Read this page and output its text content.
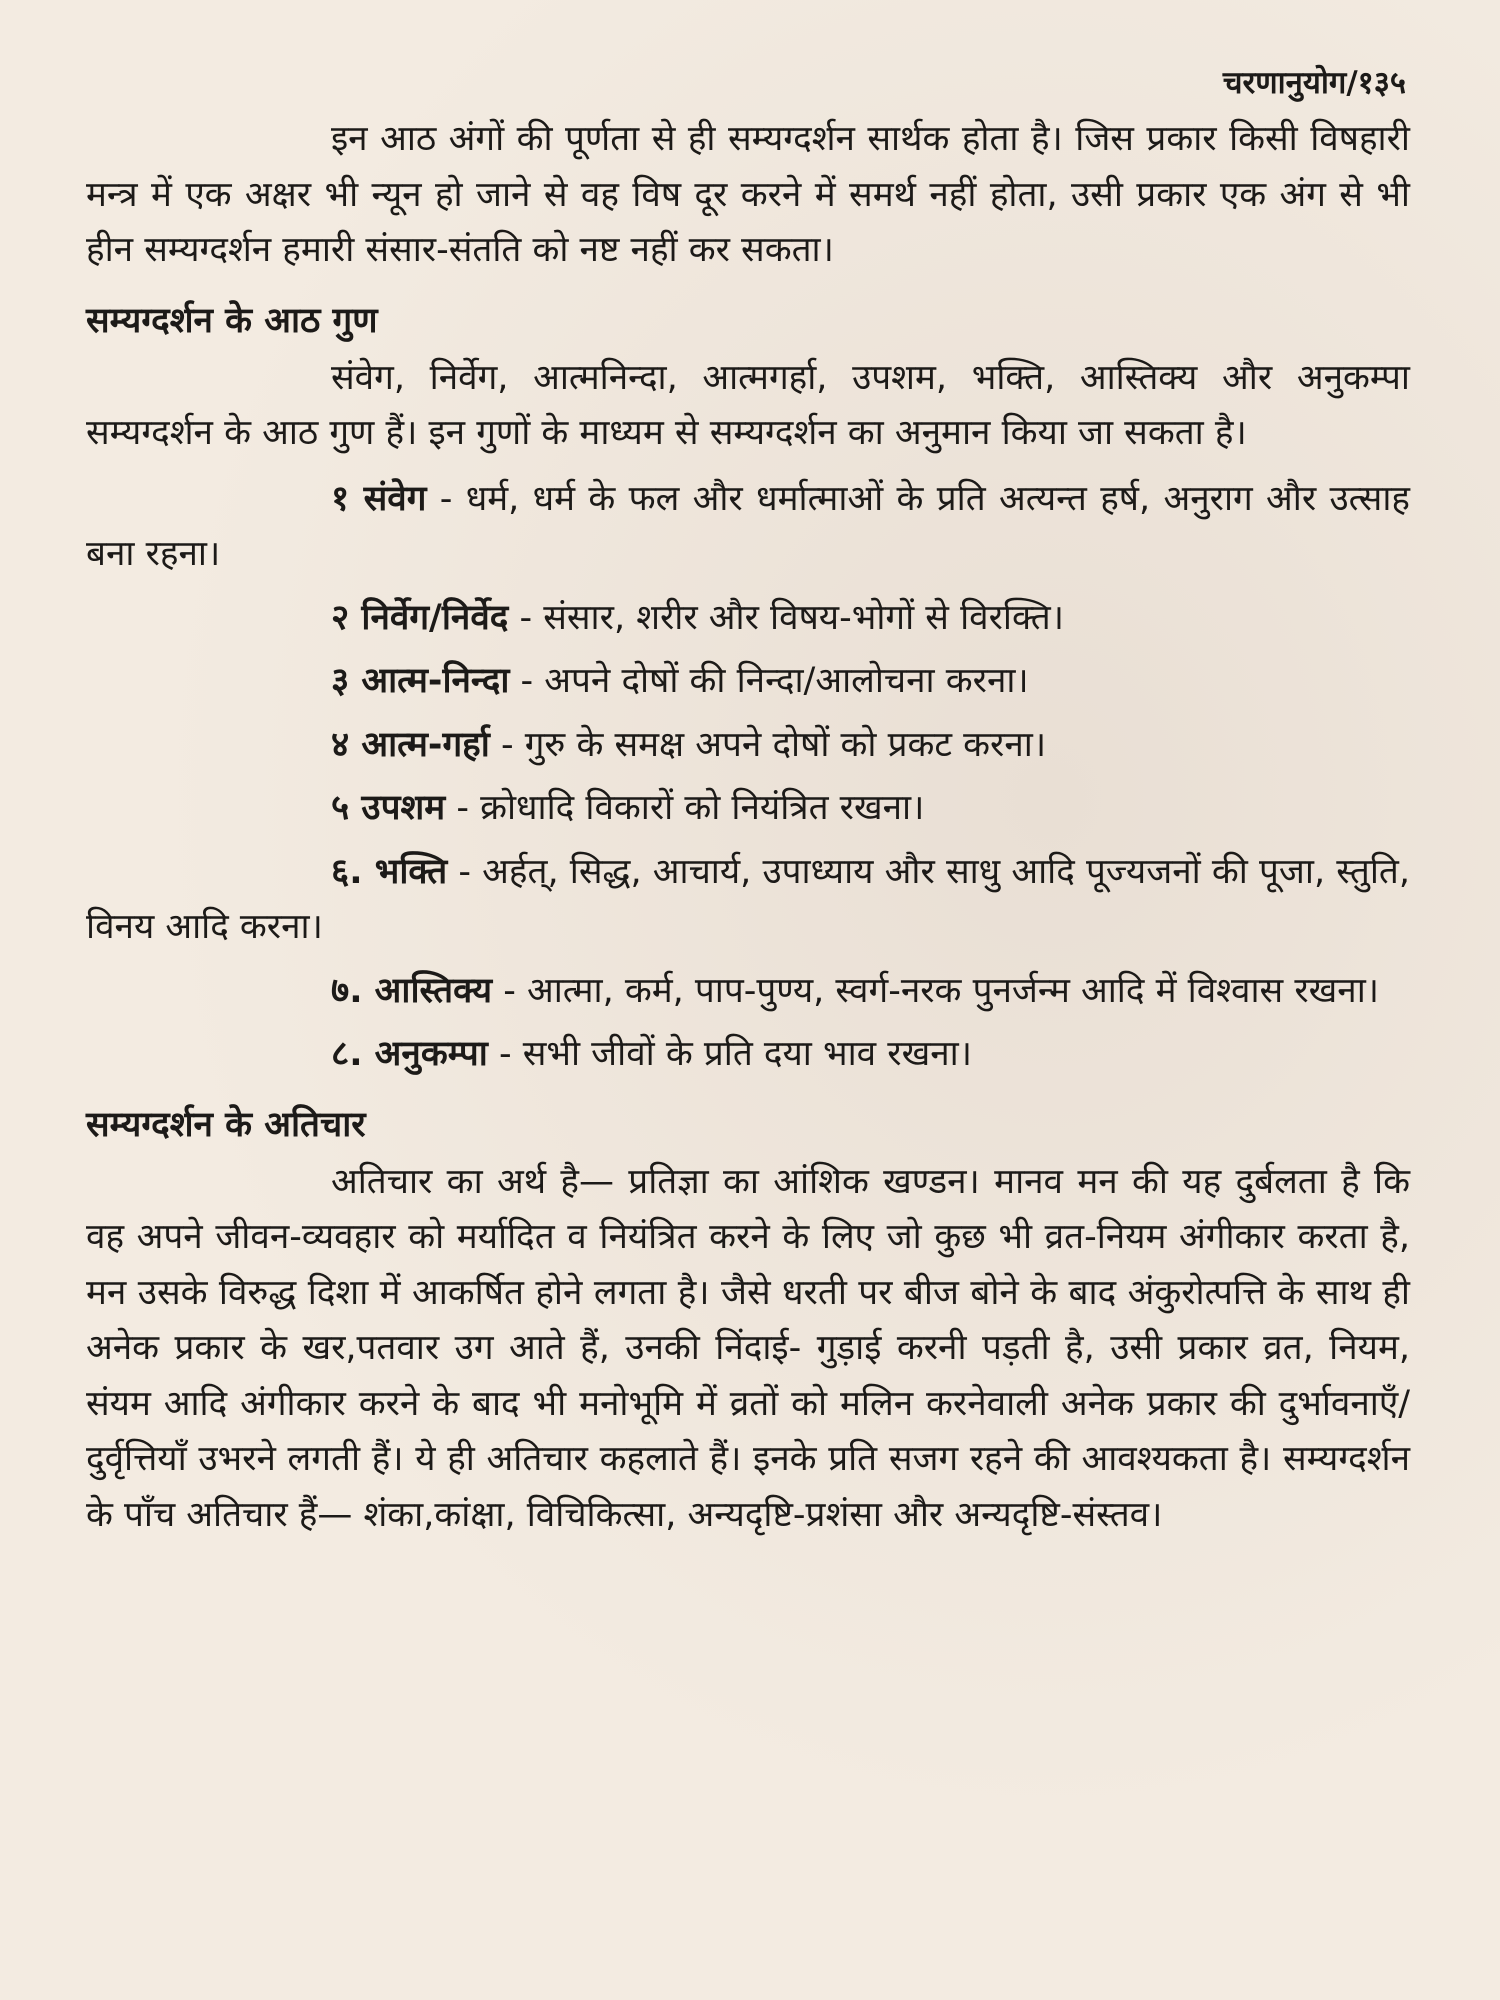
चरणानुयोग/१३५

इन आठ अंगों की पूर्णता से ही सम्यग्दर्शन सार्थक होता है। जिस प्रकार किसी विषहारी मन्त्र में एक अक्षर भी न्यून हो जाने से वह विष दूर करने में समर्थ नहीं होता, उसी प्रकार एक अंग से भी हीन सम्यग्दर्शन हमारी संसार-संतति को नष्ट नहीं कर सकता।

सम्यग्दर्शन के आठ गुण

संवेग, निर्वेग, आत्मनिन्दा, आत्मगर्हा, उपशम, भक्ति, आस्तिक्य और अनुकम्पा सम्यग्दर्शन के आठ गुण हैं। इन गुणों के माध्यम से सम्यग्दर्शन का अनुमान किया जा सकता है।

१ संवेग - धर्म, धर्म के फल और धर्मात्माओं के प्रति अत्यन्त हर्ष, अनुराग और उत्साह बना रहना।

२ निर्वेग/निर्वेद - संसार, शरीर और विषय-भोगों से विरक्ति।

३ आत्म-निन्दा - अपने दोषों की निन्दा/आलोचना करना।

४ आत्म-गर्हा - गुरु के समक्ष अपने दोषों को प्रकट करना।

५ उपशम - क्रोधादि विकारों को नियंत्रित रखना।

६. भक्ति - अर्हत्, सिद्ध, आचार्य, उपाध्याय और साधु आदि पूज्यजनों की पूजा, स्तुति, विनय आदि करना।

७. आस्तिक्य - आत्मा, कर्म, पाप-पुण्य, स्वर्ग-नरक पुनर्जन्म आदि में विश्वास रखना।

८. अनुकम्पा - सभी जीवों के प्रति दया भाव रखना।

सम्यग्दर्शन के अतिचार

अतिचार का अर्थ है— प्रतिज्ञा का आंशिक खण्डन। मानव मन की यह दुर्बलता है कि वह अपने जीवन-व्यवहार को मर्यादित व नियंत्रित करने के लिए जो कुछ भी व्रत-नियम अंगीकार करता है, मन उसके विरुद्ध दिशा में आकर्षित होने लगता है। जैसे धरती पर बीज बोने के बाद अंकुरोत्पत्ति के साथ ही अनेक प्रकार के खर,पतवार उग आते हैं, उनकी निंदाई- गुड़ाई करनी पड़ती है, उसी प्रकार व्रत, नियम, संयम आदि अंगीकार करने के बाद भी मनोभूमि में व्रतों को मलिन करनेवाली अनेक प्रकार की दुर्भावनाएँ/दुर्वृत्तियाँ उभरने लगती हैं। ये ही अतिचार कहलाते हैं। इनके प्रति सजग रहने की आवश्यकता है। सम्यग्दर्शन के पाँच अतिचार हैं— शंका,कांक्षा, विचिकित्सा, अन्यदृष्टि-प्रशंसा और अन्यदृष्टि-संस्तव।
